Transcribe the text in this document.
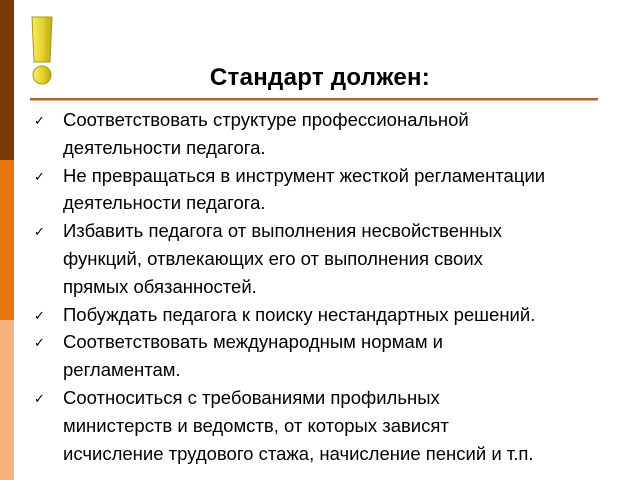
Стандарт должен:
✓ Соответствовать структуре профессиональной
деятельности педагога.
✓ Не превращаться в инструмент жесткой регламентации
деятельности педагога.
✓ Избавить педагога от выполнения несвойственных
функций, отвлекающих его от выполнения своих
прямых обязанностей.
✓ Побуждать педагога к поиску нестандартных решений.
✓ Соответствовать международным нормам и
регламентам.
✓ Соотноситься с требованиями профильных
министерств и ведомств, от которых зависят
исчисление трудового стажа, начисление пенсий и т.п.
